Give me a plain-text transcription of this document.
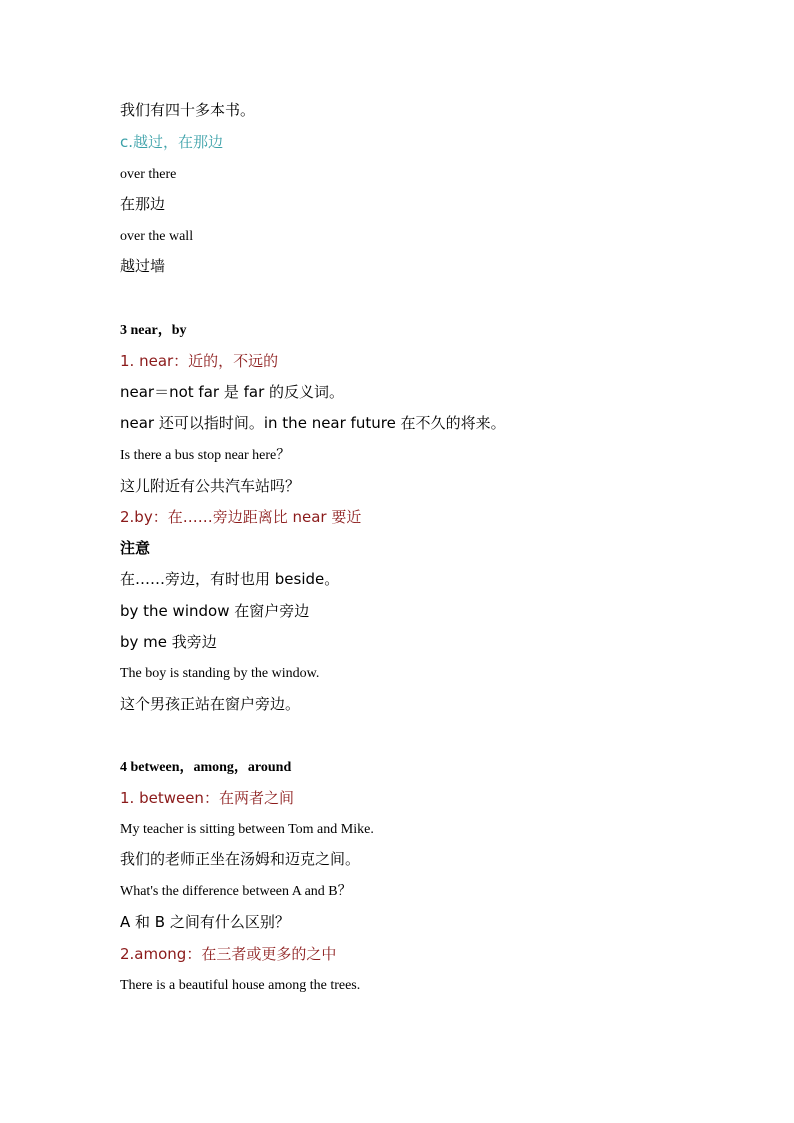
我们有四十多本书。
c.越过，在那边
over there
在那边
over the wall
越过墙
3 near，by
1. near：近的，不远的
near＝not far 是 far 的反义词。
near 还可以指时间。in the near future 在不久的将来。
Is there a bus stop near here？
这儿附近有公共汽车站吗？
2.by：在……旁边距离比 near 要近
注意
在……旁边，有时也用 beside。
by the window 在窗户旁边
by me 我旁边
The boy is standing by the window.
这个男孩正站在窗户旁边。
4 between，among，around
1. between：在两者之间
My teacher is sitting between Tom and Mike.
我们的老师正坐在汤姆和迈克之间。
What's the difference between A and B？
A 和 B 之间有什么区别？
2.among：在三者或更多的之中
There is a beautiful house among the trees.
